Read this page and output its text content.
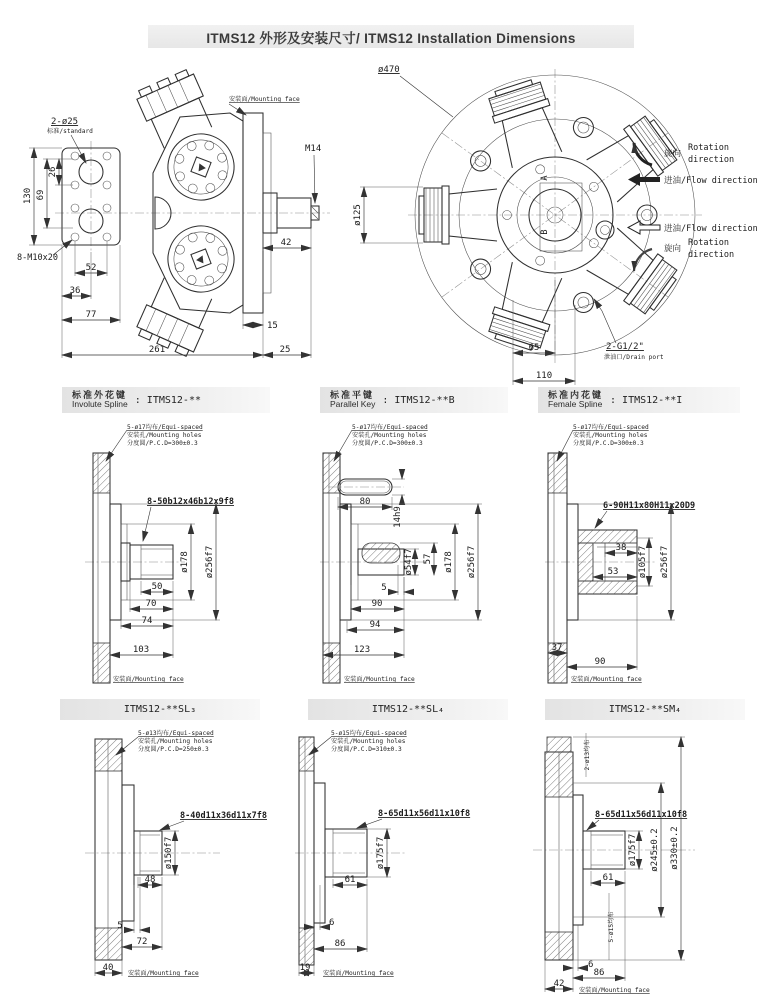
ITMS12 外形及安装尺寸/ ITMS12 Installation Dimensions
130 69
26
2-ø25
标准/standard
8-M10x20
安装面/Mounting face
M14
42
15
52
36
77
261	25
ø470
ø125
A
B
旋向
Rotation
direction
进油/Flow direction
进油/Flow direction
旋向
Rotation
direction
65
110
2-G1/2"
泄油口/Drain port
标准外花键
Involute Spline : ITMS12-**	标准平键
Parallel Key : ITMS12-**B	标准内花键
Female Spline : ITMS12-**I
5-ø17均布/Equi-spaced
安装孔/Mounting holes
分度圆/P.C.D=300±0.3
8-50b12x46b12x9f8
ø178 ø256f7
50
70
74
103
安装面/Mounting face
5-ø17均布/Equi-spaced
安装孔/Mounting holes
分度圆/P.C.D=300±0.3
80
14h9
ø54f7 57 ø178 ø256f7
5
90
94
123
安装面/Mounting face
5-ø17均布/Equi-spaced
安装孔/Mounting holes
分度圆/P.C.D=300±0.3
6-90H11x80H11x20D9
38
53 ø105f7 ø256f7
37
90
安装面/Mounting face
ITMS12-**SL₃	ITMS12-**SL₄	ITMS12-**SM₄
5-ø13均布/Equi-spaced
安装孔/Mounting holes
分度圆/P.C.D=250±0.3
8-40d11x36d11x7f8
ø150f7
48
5
72
40
安装面/Mounting face
5-ø15均布/Equi-spaced
安装孔/Mounting holes
分度圆/P.C.D=310±0.3
8-65d11x56d11x10f8
ø175f7
61
6
86
19
安装面/Mounting face
2-ø13均布
8-65d11x56d11x10f8
ø175f7 ø245±0.2 ø330±0.2
61
5-ø15均布
6
86
42
安装面/Mounting face
